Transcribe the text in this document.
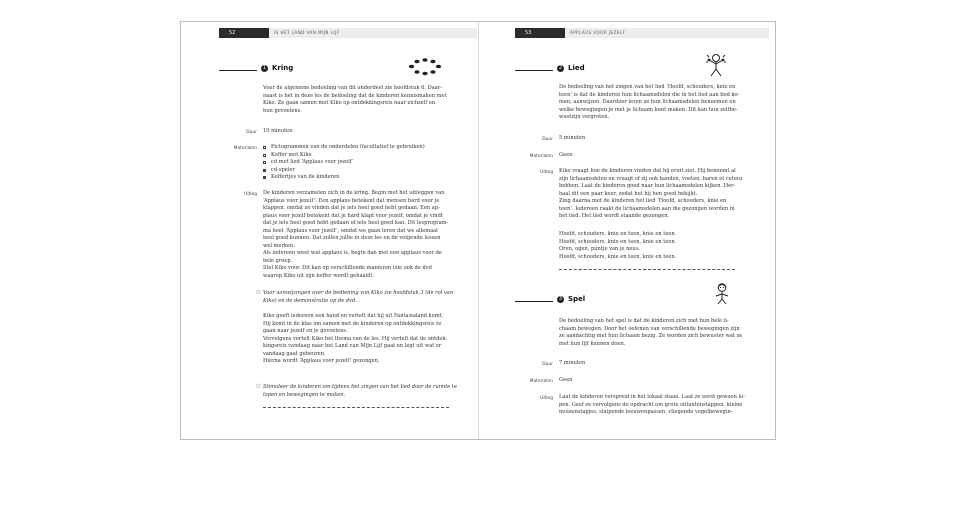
52	IS HET LAND VAN MIJN LIJF
1 Kring
Voor de algemene bedoeling van dit onderdeel zie hoofdstuk 6. Daar-
naast is het in deze les de bedoeling dat de kinderen kennismaken met
Kiko. Ze gaan samen met Kiko op ontdekkingsreis naar zichzelf en
hun gevoelens.
Duur 10 minuten
Materialen	Pictogrammen van de onderdelen (facultatief te gebruiken)
Koffer met Kiko
cd met lied ‘Applaus voor jezelf’
cd-speler
Koffertjes van de kinderen
Uitleg De kinderen verzamelen zich in de kring. Begin met het uitleggen van
‘Applaus voor jezelf’: Een applaus betekent dat mensen hard voor je
klappen, omdat ze vinden dat je iets heel goed hebt gedaan. Een ap-
plaus voor jezelf betekent dat je hard klapt voor jezelf, omdat je vindt
dat je iets heel goed hebt gedaan of iets heel goed kan. Dit lesprogram-
ma heet ‘Applaus voor jezelf’, omdat we gaan leren dat we allemaal
heel goed kunnen. Dat zullen jullie in deze les en de volgende lessen
wel merken.
Als iedereen weet wat applaus is, begin dan met een applaus voor de
hele groep.
Stel Kiko voor. Dit kan op verschillende manieren (zie ook de dvd
waarop Kiko uit zijn koffer wordt gehaald).
☆ Voor aanwijzingen over de bediening van Kiko zie hoofdstuk 3 (de rol van
Kiko) en de demonstratie op de dvd.
Kiko geeft iedereen een hand en vertelt dat hij uit Fantasialand komt.
Hij komt in de klas om samen met de kinderen op ontdekkingsreis te
gaan naar jezelf en je gevoelens.
Vervolgens vertelt Kiko het thema van de les. Hij vertelt dat de ontdek-
kingsreis vandaag naar het Land van Mijn Lijf gaat en legt uit wat er
vandaag gaat gebeuren.
Hierna wordt ‘Applaus voor jezelf’ gezongen.
☆ Stimuleer de kinderen om tijdens het zingen van het lied door de ruimte te
lopen en bewegingen te maken.
53	APPLAUS VOOR JEZELF
2 Lied
De bedoeling van het zingen van het lied ‘Hoofd, schouders, knie en
teen’ is dat de kinderen hun lichaamsdelen die in het lied aan bod ko-
men, aanwijzen. Daardoor leren ze hun lichaamsdelen benoemen en
welke bewegingen je met je lichaam kunt maken. Dit kan hun zelfbe-
wustzijn vergroten.
Duur 5 minuten
Materialen Geen
Uitleg Kiko vraagt hoe de kinderen vinden dat hij eruit ziet. Hij benoemt al
zijn lichaamsdelen en vraagt of zij ook handen, voeten, haren et cetera
hebben. Laat de kinderen goed naar hun lichaamsdelen kijken. Her-
haal dit een paar keer, zodat het hij hen goed bekijkt.
Zing daarna met de kinderen het lied ‘Hoofd, schouders, knie en
teen’. Iedereen raakt de lichaamsdelen aan die gezongen worden in
het lied. Het lied wordt staande gezongen.
Hoofd, schouders, knie en teen, knie en teen.
Hoofd, schouders, knie en teen, knie en teen.
Oren, ogen, puntje van je neus.
Hoofd, schouders, knie en teen, knie en teen.
3 Spel
De bedoeling van het spel is dat de kinderen zich met hun hele li-
chaam bewegen. Door het oefenen van verschillende bewegingen zijn
ze aandachtig met hun lichaam bezig. Ze worden zich bewuster wat ze
met hun lijf kunnen doen.
Duur 7 minuten
Materialen Geen
Uitleg Laat de kinderen verspreid in het lokaal staan. Laat ze eerst gewoon lo-
pen. Geef ze vervolgens de opdracht om grote olifantenstappen, kleine
muizenstapjes, sluipende leeuwenpassen, vliegende vogelbewegin-
